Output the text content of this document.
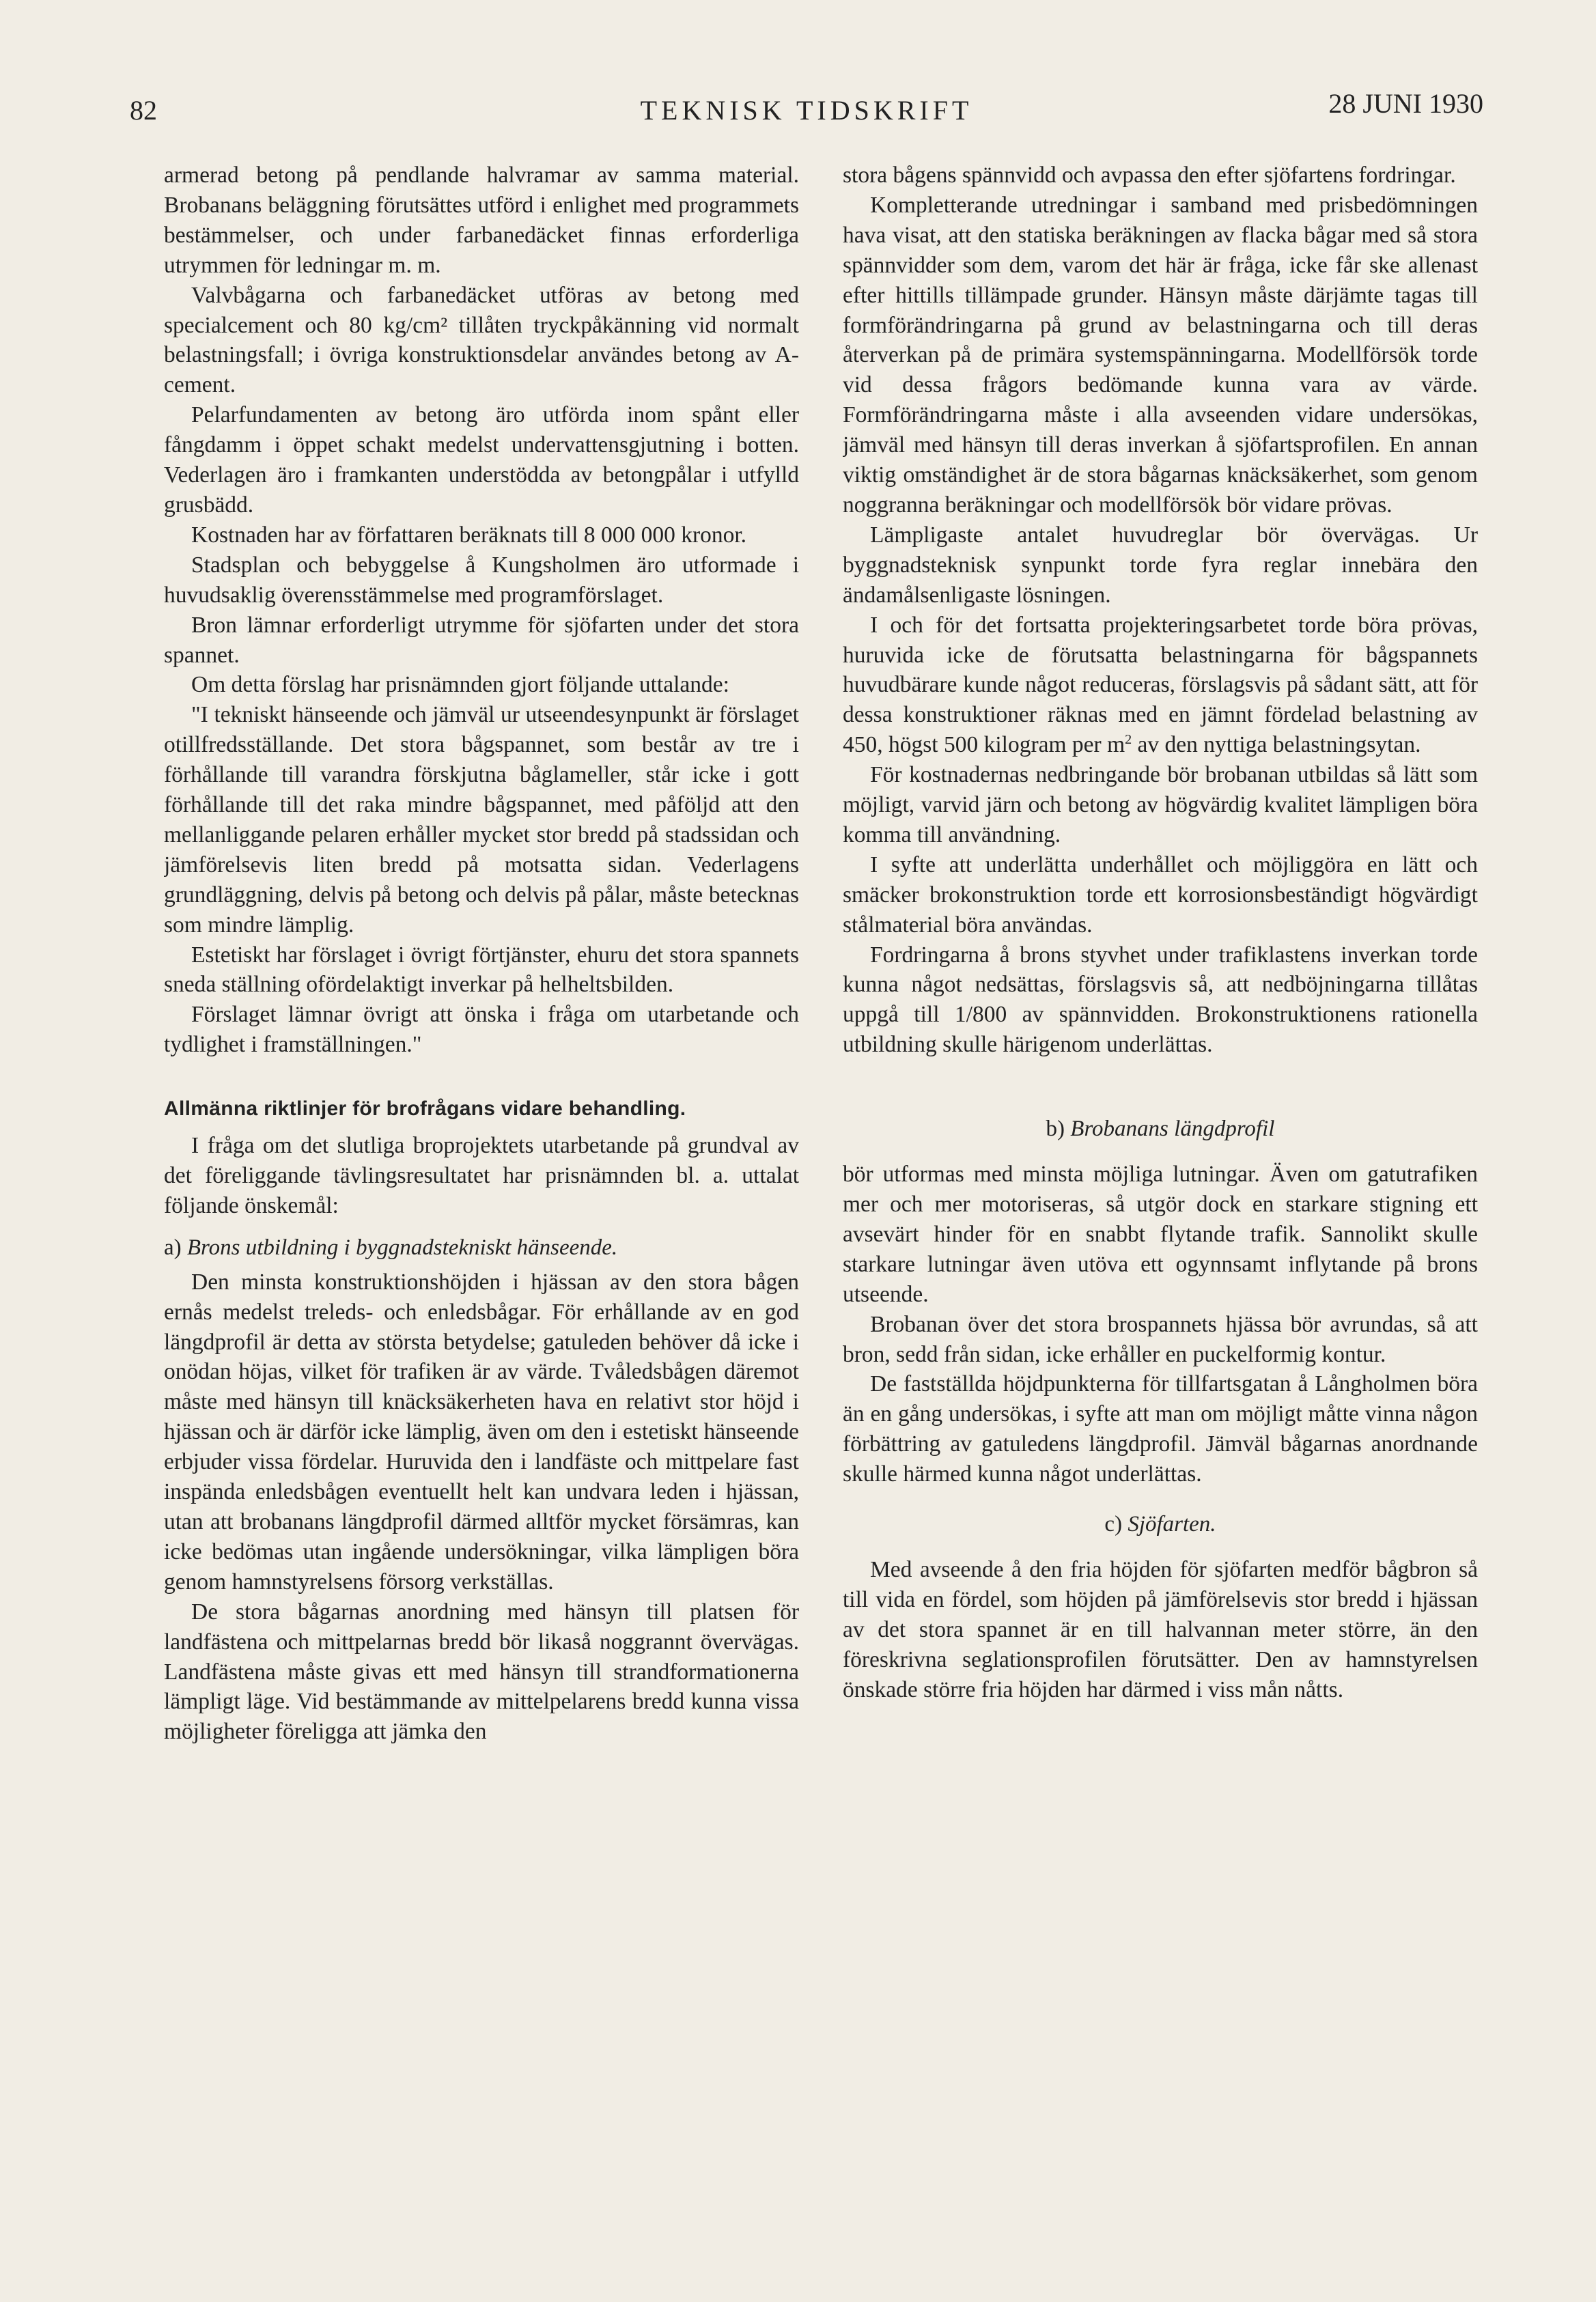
82	TEKNISK TIDSKRIFT	28 JUNI 1930

armerad betong på pendlande halvramar av samma material. Brobanans beläggning förutsättes utförd i enlighet med programmets bestämmelser, och under farbanedäcket finnas erforderliga utrymmen för ledningar m. m.

Valvbågarna och farbanedäcket utföras av betong med specialcement och 80 kg/cm² tillåten tryckpåkänning vid normalt belastningsfall; i övriga konstruktionsdelar användes betong av A-cement.

Pelarfundamenten av betong äro utförda inom spånt eller fångdamm i öppet schakt medelst undervattensgjutning i botten. Vederlagen äro i framkanten understödda av betongpålar i utfylld grusbädd.

Kostnaden har av författaren beräknats till 8 000 000 kronor.

Stadsplan och bebyggelse å Kungsholmen äro utformade i huvudsaklig överensstämmelse med programförslaget.

Bron lämnar erforderligt utrymme för sjöfarten under det stora spannet.

Om detta förslag har prisnämnden gjort följande uttalande:

"I tekniskt hänseende och jämväl ur utseendesynpunkt är förslaget otillfredsställande. Det stora bågspannet, som består av tre i förhållande till varandra förskjutna båglameller, står icke i gott förhållande till det raka mindre bågspannet, med påföljd att den mellanliggande pelaren erhåller mycket stor bredd på stadssidan och jämförelsevis liten bredd på motsatta sidan. Vederlagens grundläggning, delvis på betong och delvis på pålar, måste betecknas som mindre lämplig.

Estetiskt har förslaget i övrigt förtjänster, ehuru det stora spannets sneda ställning ofördelaktigt inverkar på helheltsbilden.

Förslaget lämnar övrigt att önska i fråga om utarbetande och tydlighet i framställningen."

Allmänna riktlinjer för brofrågans vidare behandling.

I fråga om det slutliga broprojektets utarbetande på grundval av det föreliggande tävlingsresultatet har prisnämnden bl. a. uttalat följande önskemål:

a) Brons utbildning i byggnadstekniskt hänseende.

Den minsta konstruktionshöjden i hjässan av den stora bågen ernås medelst treleds- och enledsbågar. För erhållande av en god längdprofil är detta av största betydelse; gatuleden behöver då icke i onödan höjas, vilket för trafiken är av värde. Tvåledsbågen däremot måste med hänsyn till knäcksäkerheten hava en relativt stor höjd i hjässan och är därför icke lämplig, även om den i estetiskt hänseende erbjuder vissa fördelar. Huruvida den i landfäste och mittpelare fast inspända enledsbågen eventuellt helt kan undvara leden i hjässan, utan att brobanans längdprofil därmed alltför mycket försämras, kan icke bedömas utan ingående undersökningar, vilka lämpligen böra genom hamnstyrelsens försorg verkställas.

De stora bågarnas anordning med hänsyn till platsen för landfästena och mittpelarnas bredd bör likaså noggrannt övervägas. Landfästena måste givas ett med hänsyn till strandformationerna lämpligt läge. Vid bestämmande av mittelpelarens bredd kunna vissa möjligheter föreligga att jämka den

stora bågens spännvidd och avpassa den efter sjöfartens fordringar.

Kompletterande utredningar i samband med prisbedömningen hava visat, att den statiska beräkningen av flacka bågar med så stora spännvidder som dem, varom det här är fråga, icke får ske allenast efter hittills tillämpade grunder. Hänsyn måste därjämte tagas till formförändringarna på grund av belastningarna och till deras återverkan på de primära systemspänningarna. Modellförsök torde vid dessa frågors bedömande kunna vara av värde. Formförändringarna måste i alla avseenden vidare undersökas, jämväl med hänsyn till deras inverkan å sjöfartsprofilen. En annan viktig omständighet är de stora bågarnas knäcksäkerhet, som genom noggranna beräkningar och modellförsök bör vidare prövas.

Lämpligaste antalet huvudreglar bör övervägas. Ur byggnadsteknisk synpunkt torde fyra reglar innebära den ändamålsenligaste lösningen.

I och för det fortsatta projekteringsarbetet torde böra prövas, huruvida icke de förutsatta belastningarna för bågspannets huvudbärare kunde något reduceras, förslagsvis på sådant sätt, att för dessa konstruktioner räknas med en jämnt fördelad belastning av 450, högst 500 kilogram per $m^2$ av den nyttiga belastningsytan.

För kostnadernas nedbringande bör brobanan utbildas så lätt som möjligt, varvid järn och betong av högvärdig kvalitet lämpligen böra komma till användning.

I syfte att underlätta underhållet och möjliggöra en lätt och smäcker brokonstruktion torde ett korrosionsbeständigt högvärdigt stålmaterial böra användas.

Fordringarna å brons styvhet under trafiklastens inverkan torde kunna något nedsättas, förslagsvis så, att nedböjningarna tillåtas uppgå till 1/800 av spännvidden. Brokonstruktionens rationella utbildning skulle härigenom underlättas.

b) Brobanans längdprofil

bör utformas med minsta möjliga lutningar. Även om gatutrafiken mer och mer motoriseras, så utgör dock en starkare stigning ett avsevärt hinder för en snabbt flytande trafik. Sannolikt skulle starkare lutningar även utöva ett ogynnsamt inflytande på brons utseende.

Brobanan över det stora brospannets hjässa bör avrundas, så att bron, sedd från sidan, icke erhåller en puckelformig kontur.

De fastställda höjdpunkterna för tillfartsgatan å Långholmen böra än en gång undersökas, i syfte att man om möjligt måtte vinna någon förbättring av gatuledens längdprofil. Jämväl bågarnas anordnande skulle härmed kunna något underlättas.

c) Sjöfarten.

Med avseende å den fria höjden för sjöfarten medför bågbron så till vida en fördel, som höjden på jämförelsevis stor bredd i hjässan av det stora spannet är en till halvannan meter större, än den föreskrivna seglationsprofilen förutsätter. Den av hamnstyrelsen önskade större fria höjden har därmed i viss mån nåtts.
